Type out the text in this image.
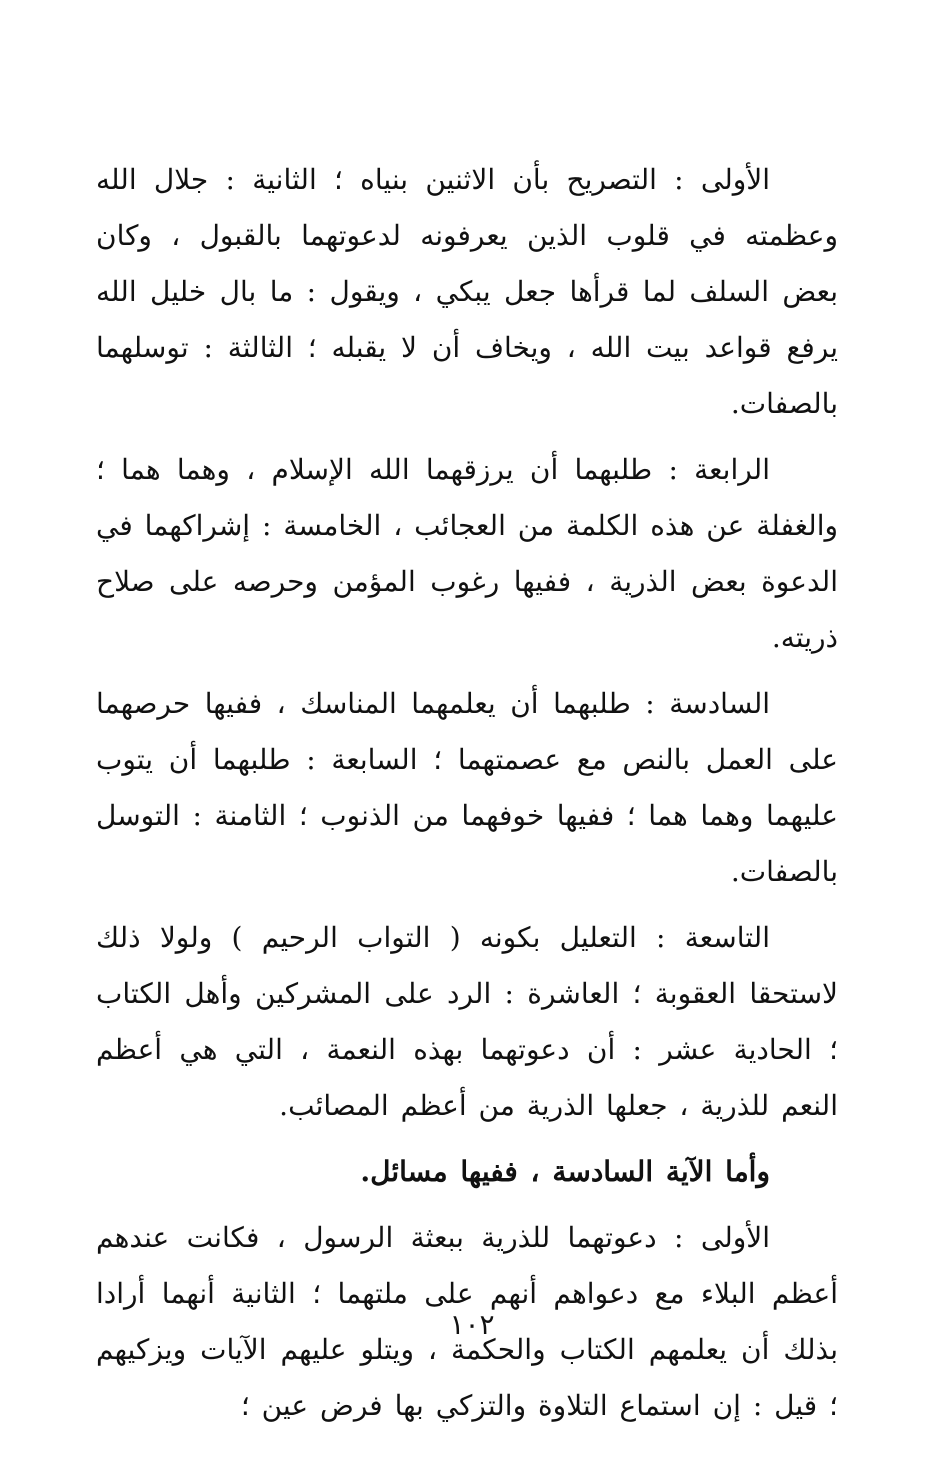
الأولى : التصريح بأن الاثنين بنياه ؛ الثانية : جلال الله وعظمته في قلوب الذين يعرفونه لدعوتهما بالقبول ، وكان بعض السلف لما قرأها جعل يبكي ، ويقول : ما بال خليل الله يرفع قواعد بيت الله ، ويخاف أن لا يقبله ؛ الثالثة : توسلهما بالصفات.

الرابعة : طلبهما أن يرزقهما الله الإسلام ، وهما هما ؛ والغفلة عن هذه الكلمة من العجائب ، الخامسة : إشراكهما في الدعوة بعض الذرية ، ففيها رغوب المؤمن وحرصه على صلاح ذريته.

السادسة : طلبهما أن يعلمهما المناسك ، ففيها حرصهما على العمل بالنص مع عصمتهما ؛ السابعة : طلبهما أن يتوب عليهما وهما هما ؛ ففيها خوفهما من الذنوب ؛ الثامنة : التوسل بالصفات.

التاسعة : التعليل بكونه ( التواب الرحيم ) ولولا ذلك لاستحقا العقوبة ؛ العاشرة : الرد على المشركين وأهل الكتاب ؛ الحادية عشر : أن دعوتهما بهذه النعمة ، التي هي أعظم النعم للذرية ، جعلها الذرية من أعظم المصائب.

وأما الآية السادسة ، ففيها مسائل.

الأولى : دعوتهما للذرية ببعثة الرسول ، فكانت عندهم أعظم البلاء مع دعواهم أنهم على ملتهما ؛ الثانية أنهما أرادا بذلك أن يعلمهم الكتاب والحكمة ، ويتلو عليهم الآيات ويزكيهم ؛ قيل : إن استماع التلاوة والتزكي بها فرض عين ؛

١٠٢
